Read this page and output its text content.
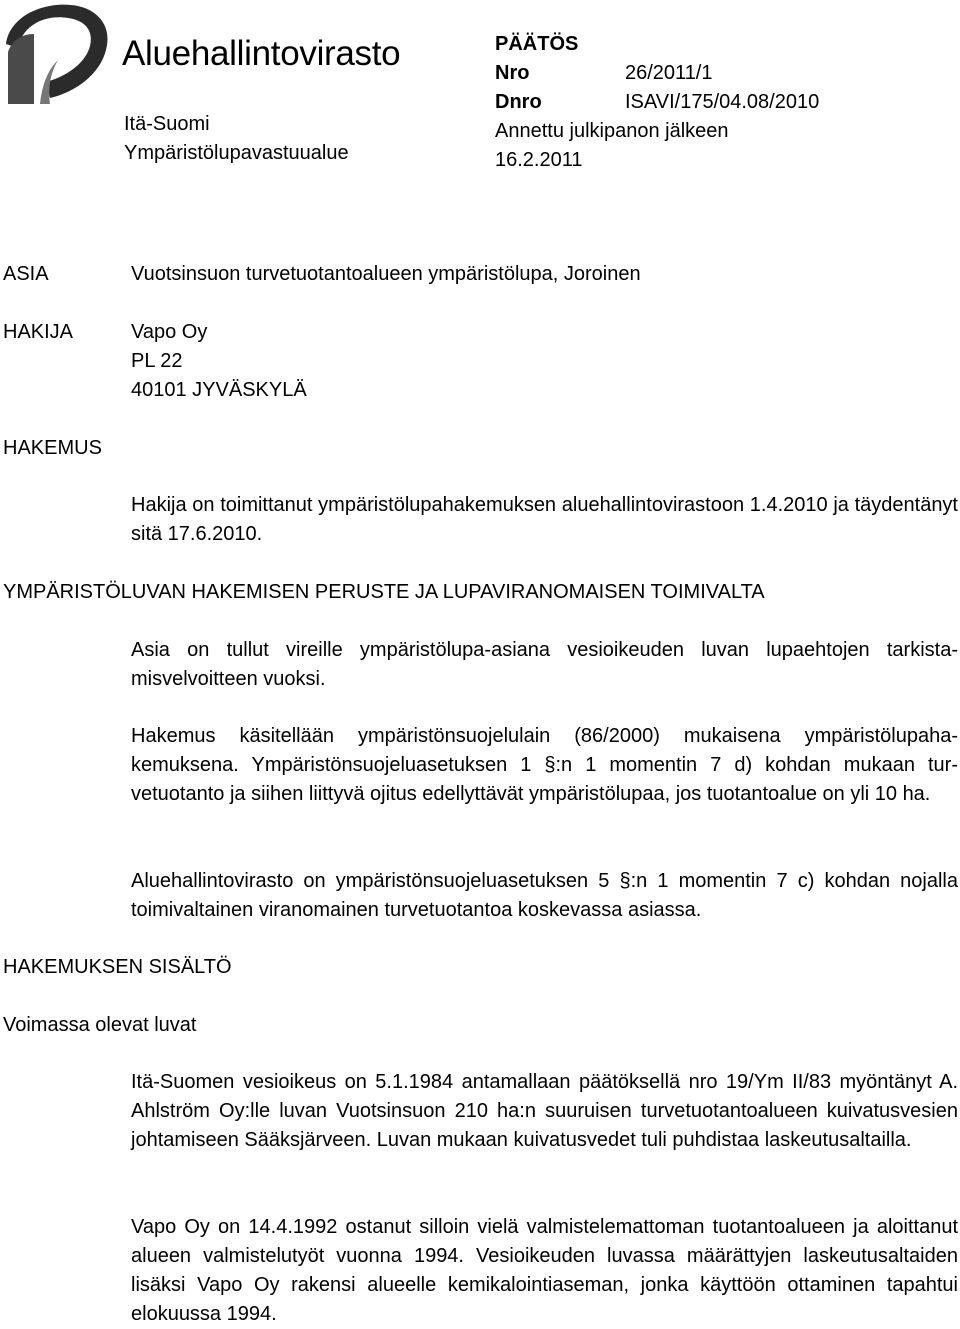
Aluehallintovirasto
Itä-Suomi
Ympäristölupavastuualue
PÄÄTÖS
Nro	26/2011/1
Dnro	ISAVI/175/04.08/2010
Annettu julkipanon jälkeen
16.2.2011
ASIA	Vuotsinsuon turvetuotantoalueen ympäristölupa, Joroinen
HAKIJA	Vapo Oy
PL 22
40101 JYVÄSKYLÄ
HAKEMUS

Hakija on toimittanut ympäristölupahakemuksen aluehallintovirastoon 1.4.2010 ja täydentänyt sitä 17.6.2010.

YMPÄRISTÖLUVAN HAKEMISEN PERUSTE JA LUPAVIRANOMAISEN TOIMIVALTA

Asia on tullut vireille ympäristölupa-asiana vesioikeuden luvan lupaehtojen tarkistamisvelvoitteen vuoksi.

Hakemus käsitellään ympäristönsuojelulain (86/2000) mukaisena ympäristölupahakemuksena. Ympäristönsuojeluasetuksen 1 §:n 1 momentin 7 d) kohdan mukaan turvetuotanto ja siihen liittyvä ojitus edellyttävät ympäristölupaa, jos tuotantoalue on yli 10 ha.

Aluehallintovirasto on ympäristönsuojeluasetuksen 5 §:n 1 momentin 7 c) kohdan nojalla toimivaltainen viranomainen turvetuotantoa koskevassa asiassa.

HAKEMUKSEN SISÄLTÖ
Voimassa olevat luvat

Itä-Suomen vesioikeus on 5.1.1984 antamallaan päätöksellä nro 19/Ym II/83 myöntänyt A. Ahlström Oy:lle luvan Vuotsinsuon 210 ha:n suuruisen turvetuotantoalueen kuivatusvesien johtamiseen Sääksjärveen. Luvan mukaan kuivatusvedet tuli puhdistaa laskeutusaltailla.

Vapo Oy on 14.4.1992 ostanut silloin vielä valmistelemattoman tuotantoalueen ja aloittanut alueen valmistelutyöt vuonna 1994. Vesioikeuden luvassa määrättyjen laskeutusaltaiden lisäksi Vapo Oy rakensi alueelle kemikalointiaseman, jonka käyttöön ottaminen tapahtui elokuussa 1994.
